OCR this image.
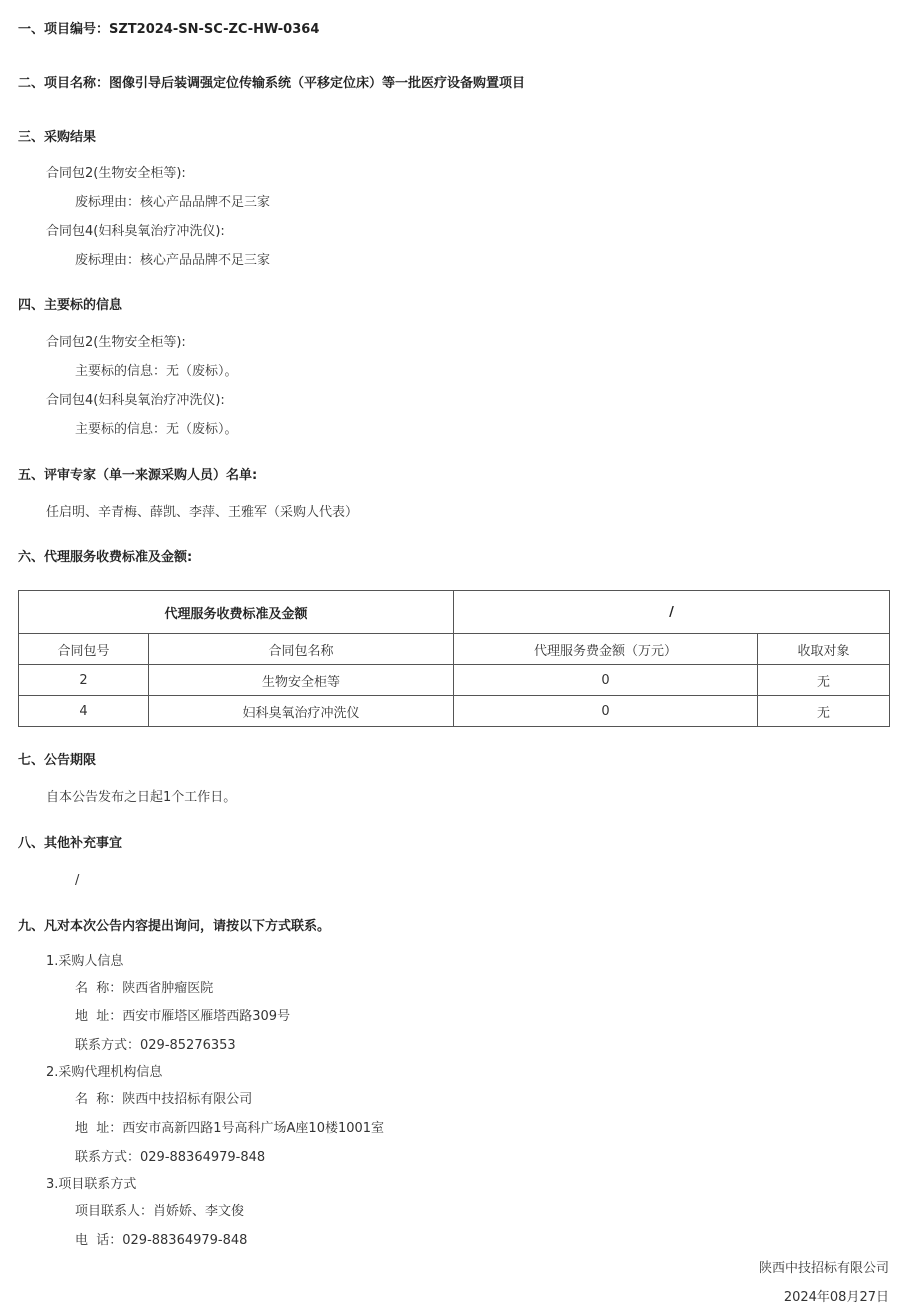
一、项目编号：SZT2024-SN-SC-ZC-HW-0364
二、项目名称：图像引导后装调强定位传输系统（平移定位床）等一批医疗设备购置项目
三、采购结果
合同包2(生物安全柜等):
废标理由：核心产品品牌不足三家
合同包4(妇科臭氧治疗冲洗仪):
废标理由：核心产品品牌不足三家
四、主要标的信息
合同包2(生物安全柜等):
主要标的信息：无（废标）。
合同包4(妇科臭氧治疗冲洗仪):
主要标的信息：无（废标）。
五、评审专家（单一来源采购人员）名单:
任启明、辛青梅、薛凯、李萍、王雅军（采购人代表）
六、代理服务收费标准及金额:
代理服务收费标准及金额		/	
合同包号	合同包名称	代理服务费金额（万元）	收取对象
2	生物安全柜等	0	无
4	妇科臭氧治疗冲洗仪	0	无
七、公告期限
自本公告发布之日起1个工作日。
八、其他补充事宜
/
九、凡对本次公告内容提出询问，请按以下方式联系。
1.采购人信息
名  称：陕西省肿瘤医院
地  址：西安市雁塔区雁塔西路309号
联系方式：029-85276353
2.采购代理机构信息
名  称：陕西中技招标有限公司
地  址：西安市高新四路1号高科广场A座10楼1001室
联系方式：029-88364979-848
3.项目联系方式
项目联系人：肖娇娇、李文俊
电  话：029-88364979-848
陕西中技招标有限公司
2024年08月27日
